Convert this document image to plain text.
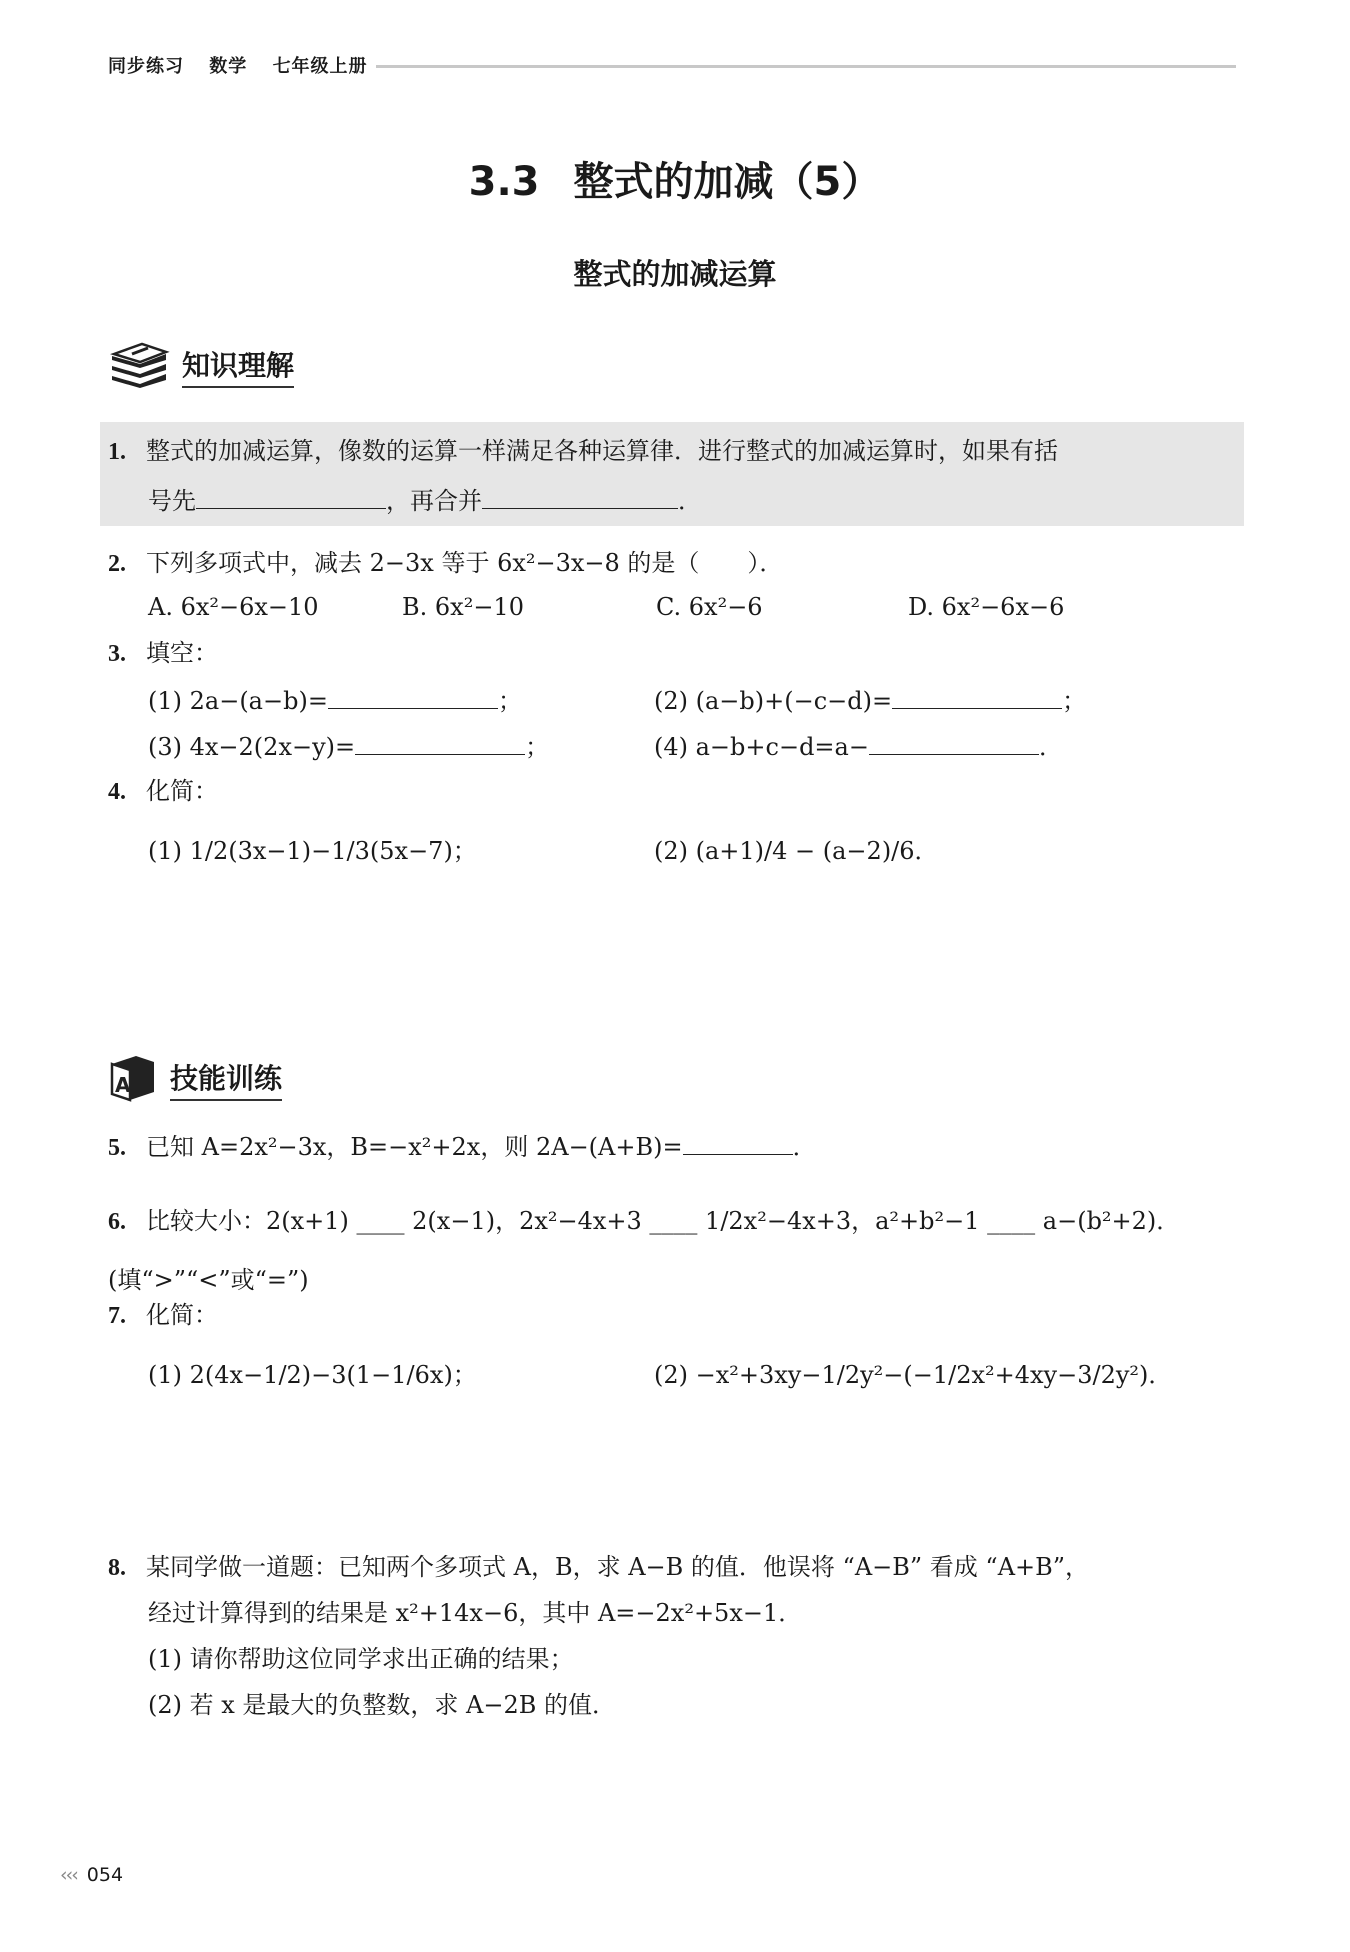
同步练习 数学 七年级上册
3.3 整式的加减（5）
整式的加减运算
知识理解
1. 整式的加减运算，像数的运算一样满足各种运算律．进行整式的加减运算时，如果有括
号先	，再合并	．
2. 下列多项式中，减去 2−3x 等于 6x²−3x−8 的是（　　）．
A. 6x²−6x−10	B. 6x²−10	C. 6x²−6	D. 6x²−6x−6
3. 填空：
(1) 2a−(a−b)=	；	(2) (a−b)+(−c−d)=	；
(3) 4x−2(2x−y)=	；	(4) a−b+c−d=a−	．
4. 化简：
(1) 1/2(3x−1)−1/3(5x−7)；	(2) (a+1)/4 − (a−2)/6．
A 技能训练
5. 已知 A=2x²−3x，B=−x²+2x，则 2A−(A+B)=	．
6. 比较大小：2(x+1) ____ 2(x−1)，2x²−4x+3 ____ 1/2x²−4x+3，a²+b²−1 ____ a−(b²+2)．(填“>”“<”或“=”)
7. 化简：
(1) 2(4x−1/2)−3(1−1/6x)；	(2) −x²+3xy−1/2y²−(−1/2x²+4xy−3/2y²)．
8. 某同学做一道题：已知两个多项式 A，B，求 A−B 的值．他误将 “A−B” 看成 “A+B”，
经过计算得到的结果是 x²+14x−6，其中 A=−2x²+5x−1．
(1) 请你帮助这位同学求出正确的结果；
(2) 若 x 是最大的负整数，求 A−2B 的值．
‹‹‹ 054
